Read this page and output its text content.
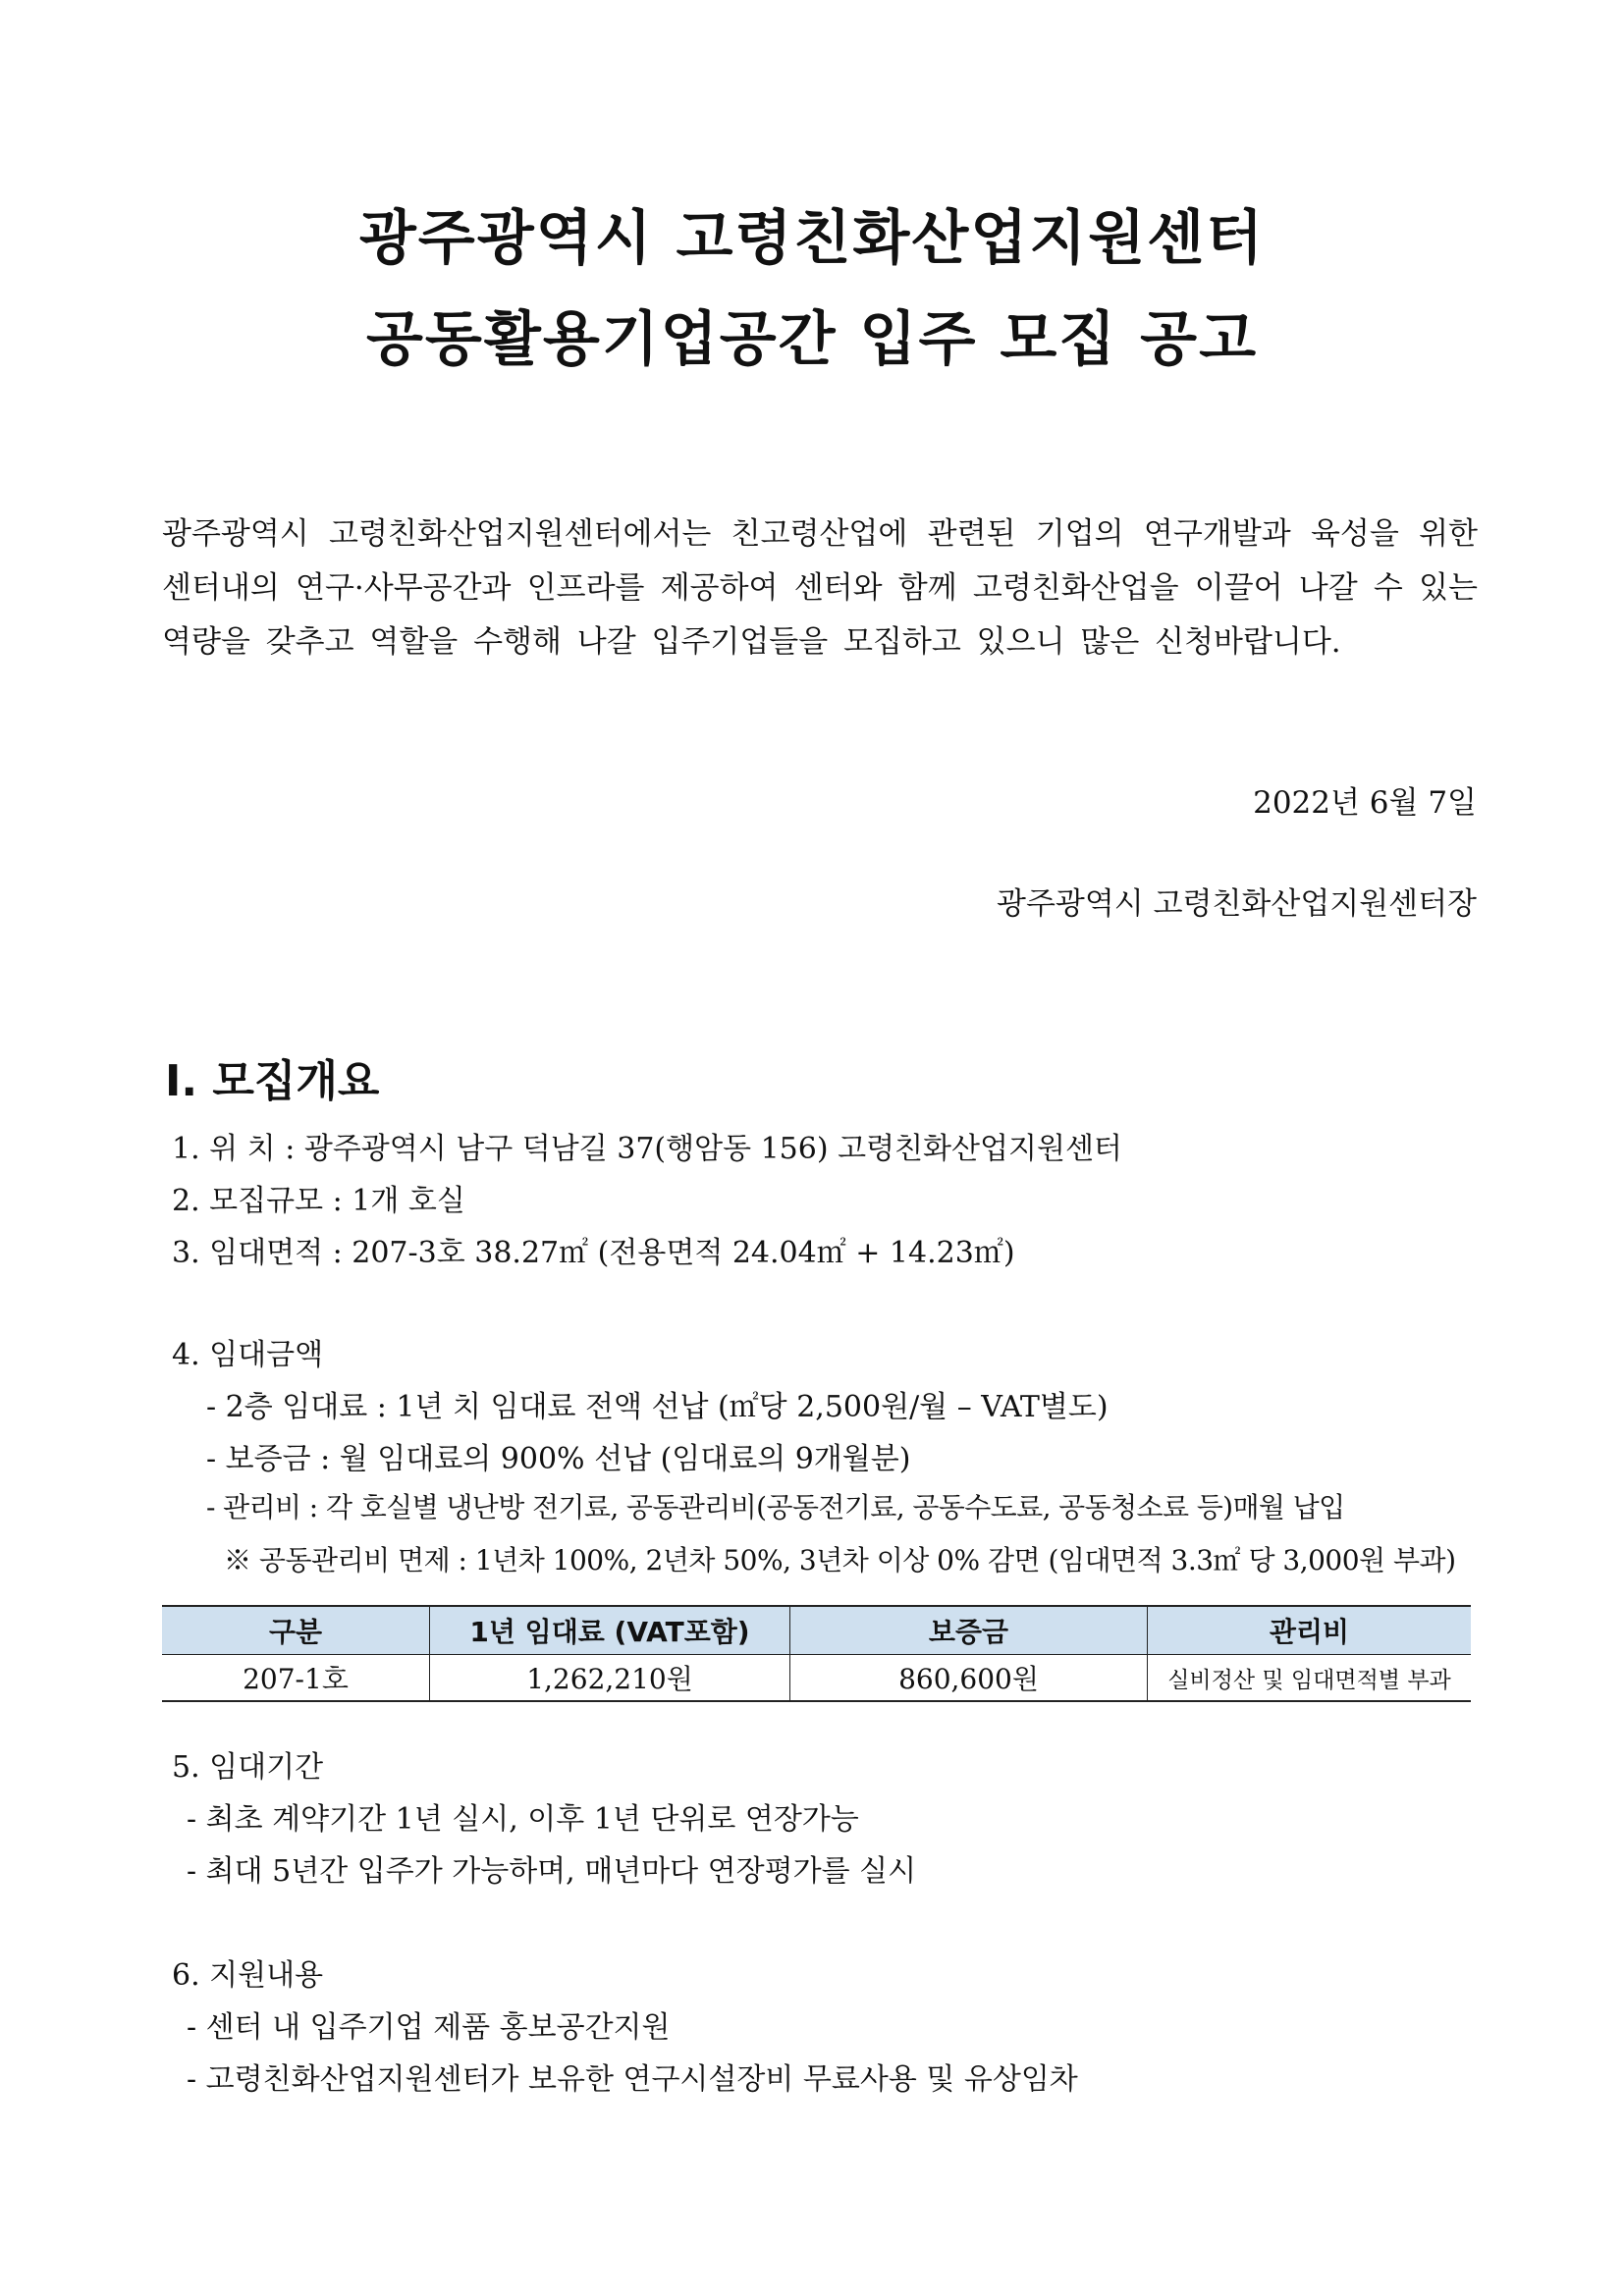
광주광역시 고령친화산업지원센터
공동활용기업공간 입주 모집 공고
광주광역시 고령친화산업지원센터에서는 친고령산업에 관련된 기업의 연구개발과 육성을 위한 센터내의 연구·사무공간과 인프라를 제공하여 센터와 함께 고령친화산업을 이끌어 나갈 수 있는 역량을 갖추고 역할을 수행해 나갈 입주기업들을 모집하고 있으니 많은 신청바랍니다.
2022년 6월 7일
광주광역시 고령친화산업지원센터장
Ⅰ. 모집개요
1. 위 치 : 광주광역시 남구 덕남길 37(행암동 156) 고령친화산업지원센터
2. 모집규모 : 1개 호실
3. 임대면적 : 207-3호 38.27㎡ (전용면적 24.04㎡ + 14.23㎡)
4. 임대금액
- 2층 임대료 : 1년 치 임대료 전액 선납 (㎡당 2,500원/월 – VAT별도)
- 보증금 : 월 임대료의 900% 선납 (임대료의 9개월분)
- 관리비 : 각 호실별 냉난방 전기료, 공동관리비(공동전기료, 공동수도료, 공동청소료 등)매월 납입
※ 공동관리비 면제 : 1년차 100%, 2년차 50%, 3년차 이상 0% 감면 (임대면적 3.3㎡ 당 3,000원 부과)
구분	1년 임대료 (VAT포함)	보증금	관리비
207-1호	1,262,210원	860,600원	실비정산 및 임대면적별 부과
5. 임대기간
- 최초 계약기간 1년 실시, 이후 1년 단위로 연장가능
- 최대 5년간 입주가 가능하며, 매년마다 연장평가를 실시
6. 지원내용
- 센터 내 입주기업 제품 홍보공간지원
- 고령친화산업지원센터가 보유한 연구시설장비 무료사용 및 유상임차
